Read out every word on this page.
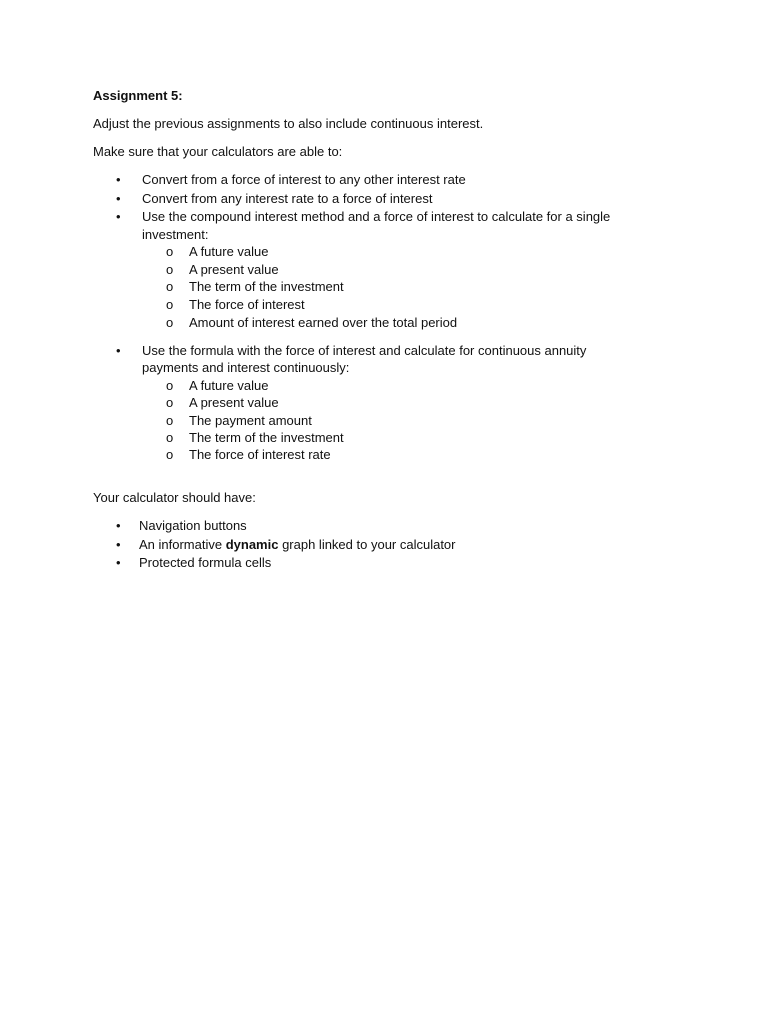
Assignment 5:
Adjust the previous assignments to also include continuous interest.
Make sure that your calculators are able to:
• Convert from a force of interest to any other interest rate
• Convert from any interest rate to a force of interest
• Use the compound interest method and a force of interest to calculate for a single
investment:
o A future value
o A present value
o The term of the investment
o The force of interest
o Amount of interest earned over the total period
• Use the formula with the force of interest and calculate for continuous annuity
payments and interest continuously:
o A future value
o A present value
o The payment amount
o The term of the investment
o The force of interest rate
Your calculator should have:
• Navigation buttons
• An informative dynamic graph linked to your calculator
• Protected formula cells
